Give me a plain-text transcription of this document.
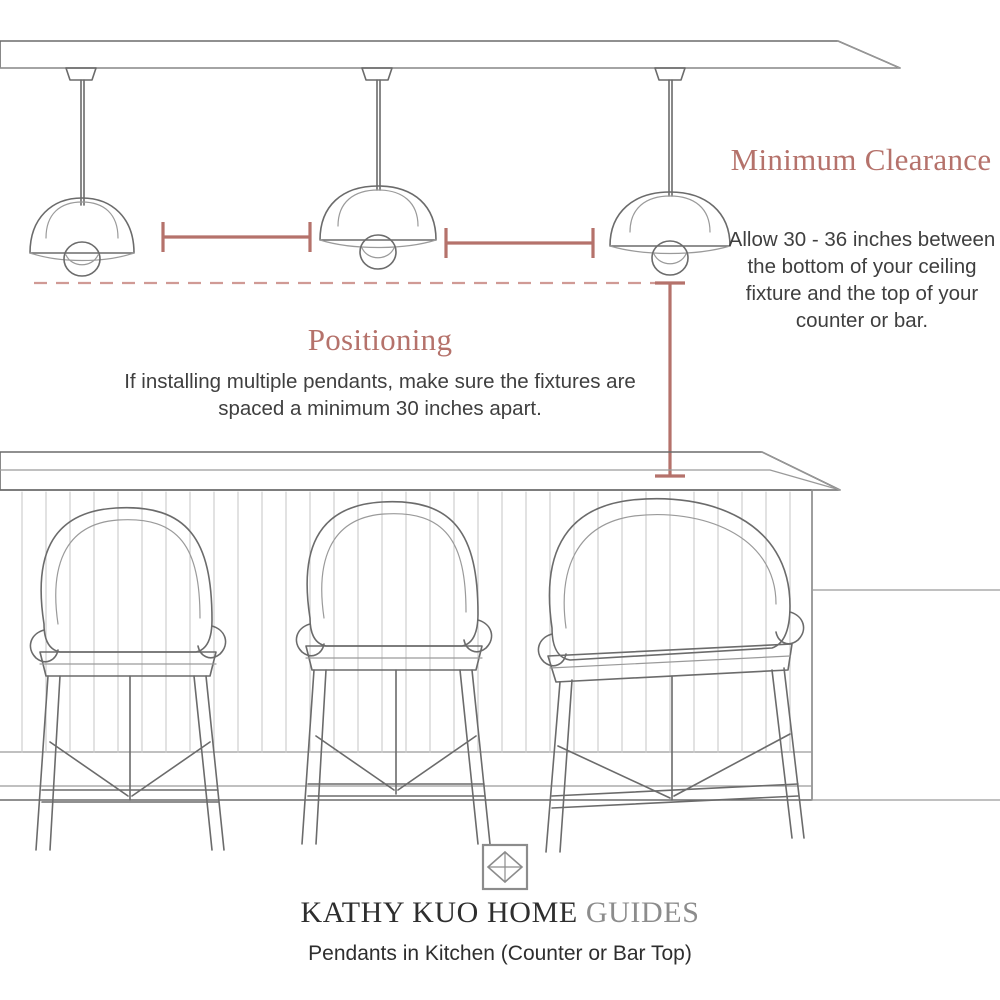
Minimum Clearance
Allow 30 - 36 inches between the bottom of your ceiling fixture and the top of your counter or bar.
Positioning
If installing multiple pendants, make sure the fixtures are spaced a minimum 30 inches apart.
KATHY KUO HOME GUIDES
Pendants in Kitchen (Counter or Bar Top)
